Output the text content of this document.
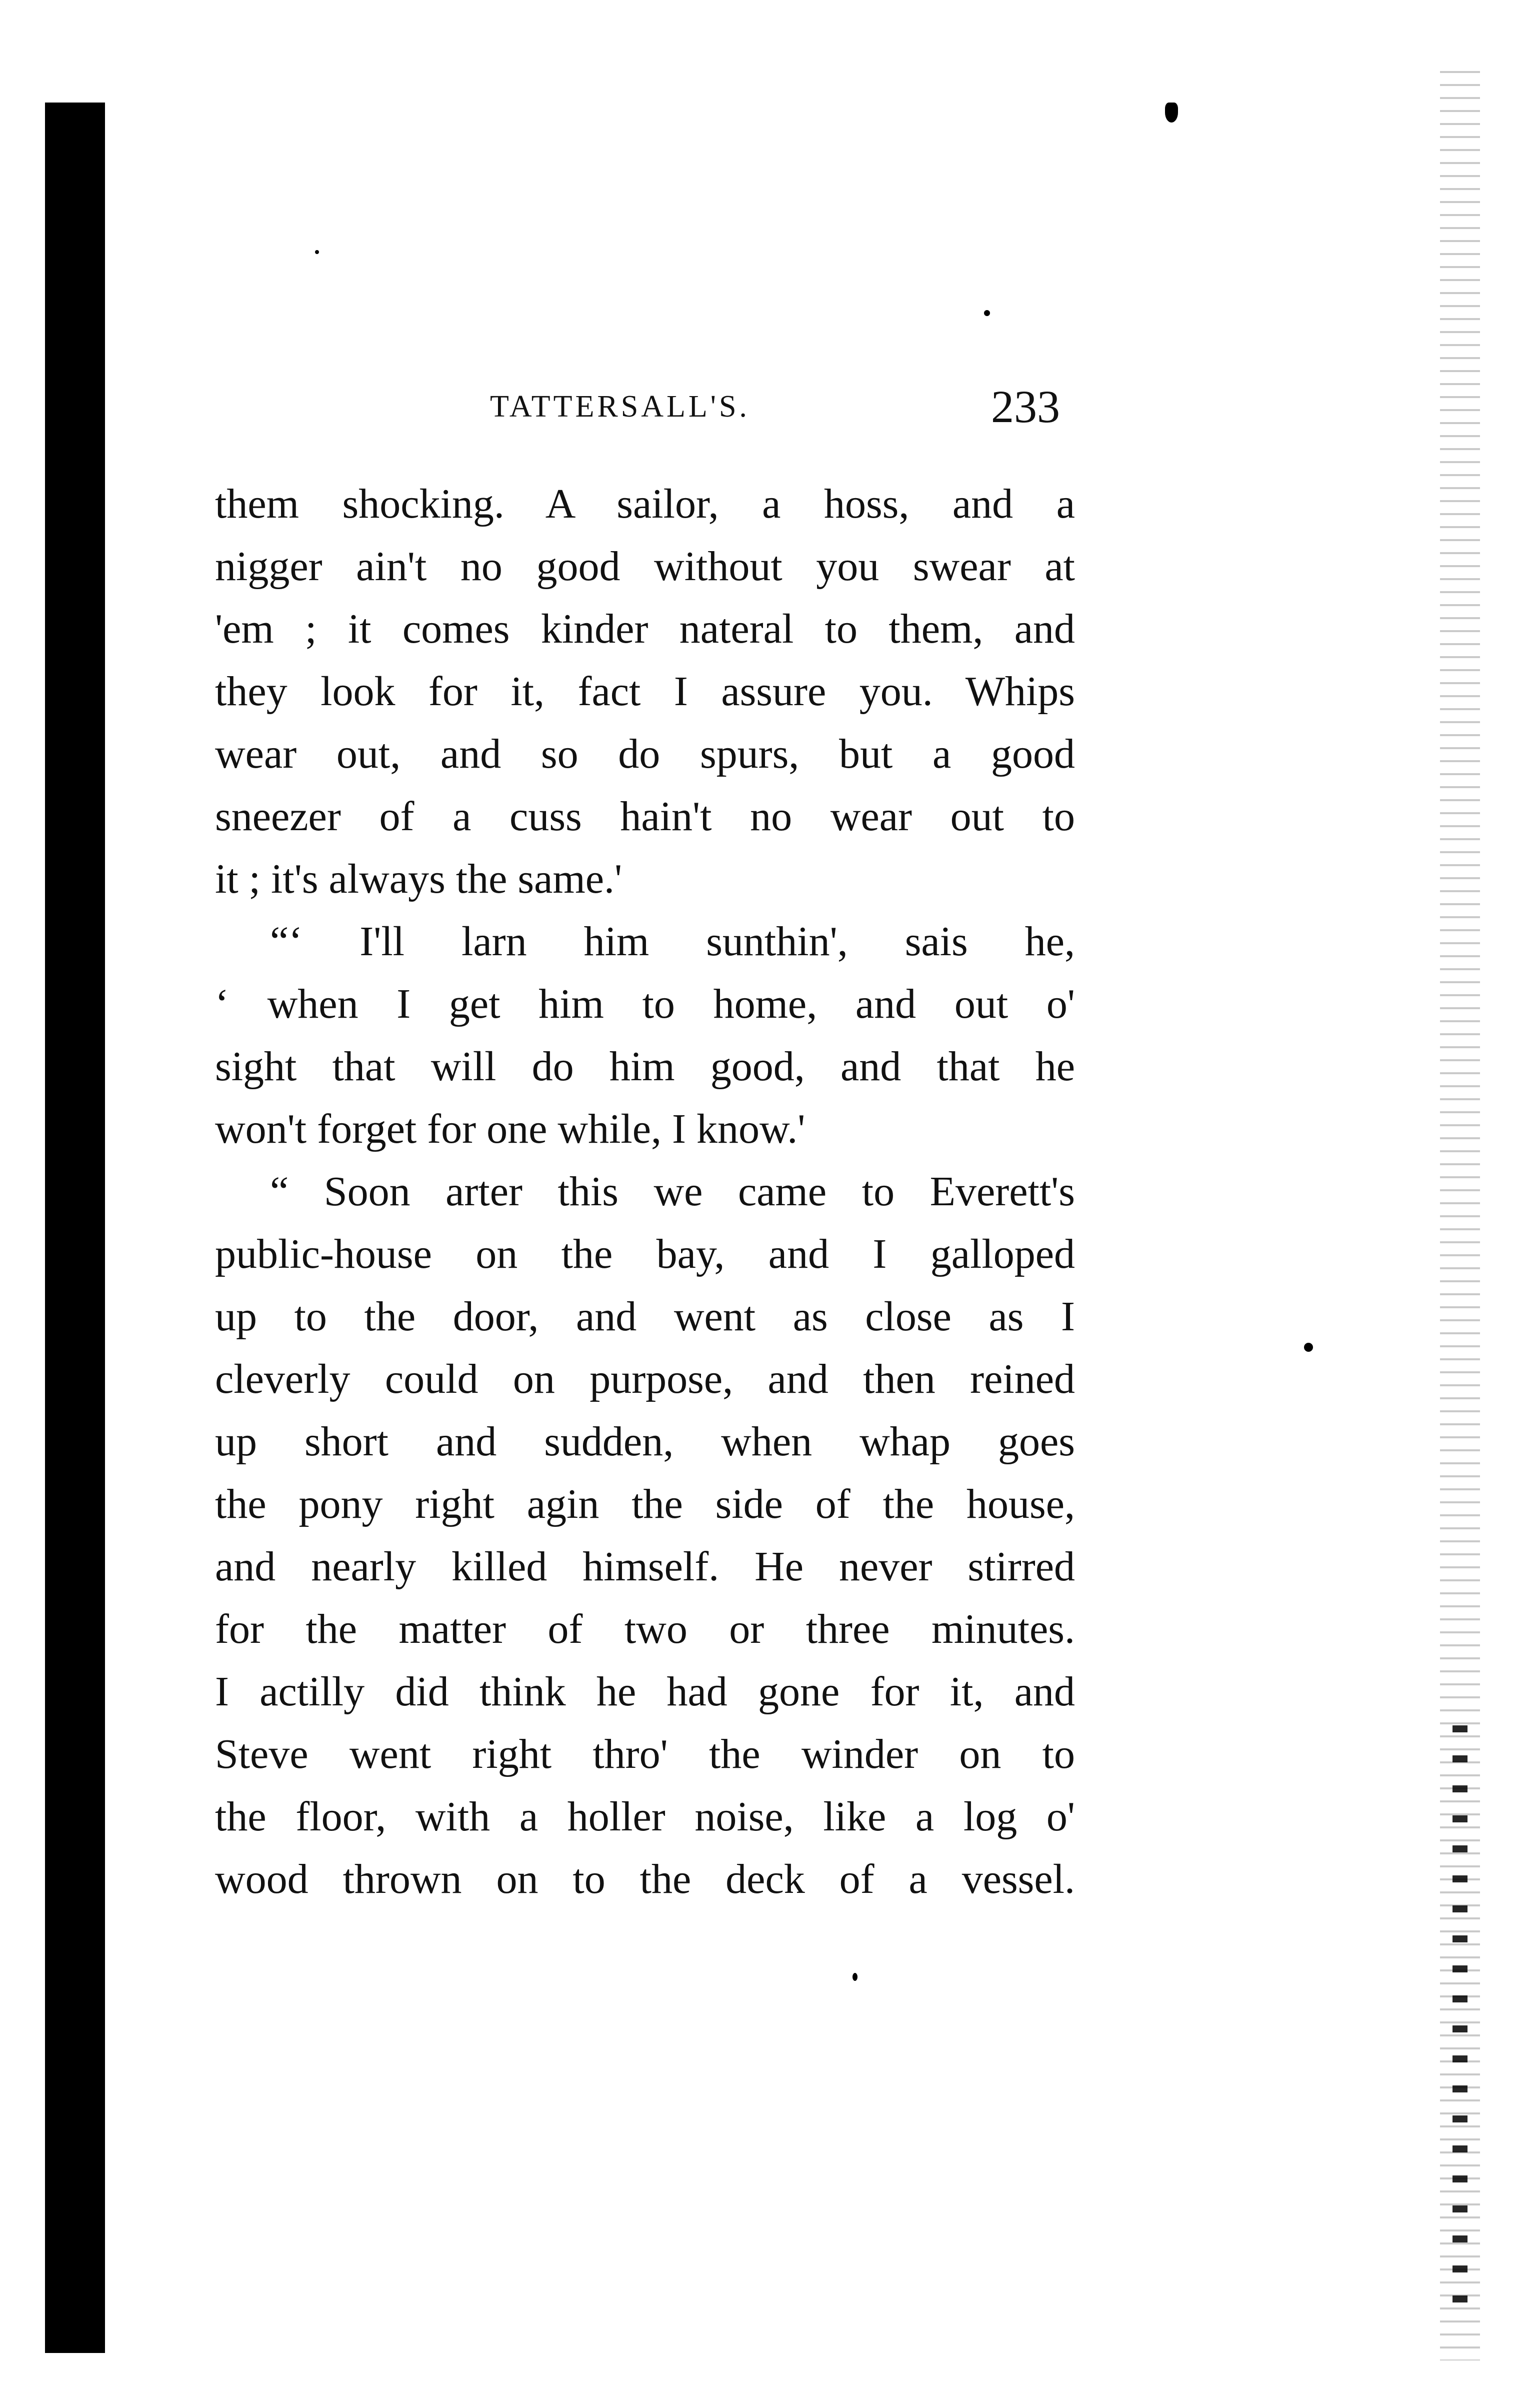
TATTERSALL'S.	233
them shocking. A sailor, a hoss, and a
nigger ain't no good without you swear at
'em ; it comes kinder nateral to them, and
they look for it, fact I assure you. Whips
wear out, and so do spurs, but a good
sneezer of a cuss hain't no wear out to
it ; it's always the same.'
“‘ I'll larn him sunthin', sais he,
‘ when I get him to home, and out o'
sight that will do him good, and that he
won't forget for one while, I know.'
“ Soon arter this we came to Everett's
public-house on the bay, and I galloped
up to the door, and went as close as I
cleverly could on purpose, and then reined
up short and sudden, when whap goes
the pony right agin the side of the house,
and nearly killed himself. He never stirred
for the matter of two or three minutes.
I actilly did think he had gone for it, and
Steve went right thro' the winder on to
the floor, with a holler noise, like a log o'
wood thrown on to the deck of a vessel.
